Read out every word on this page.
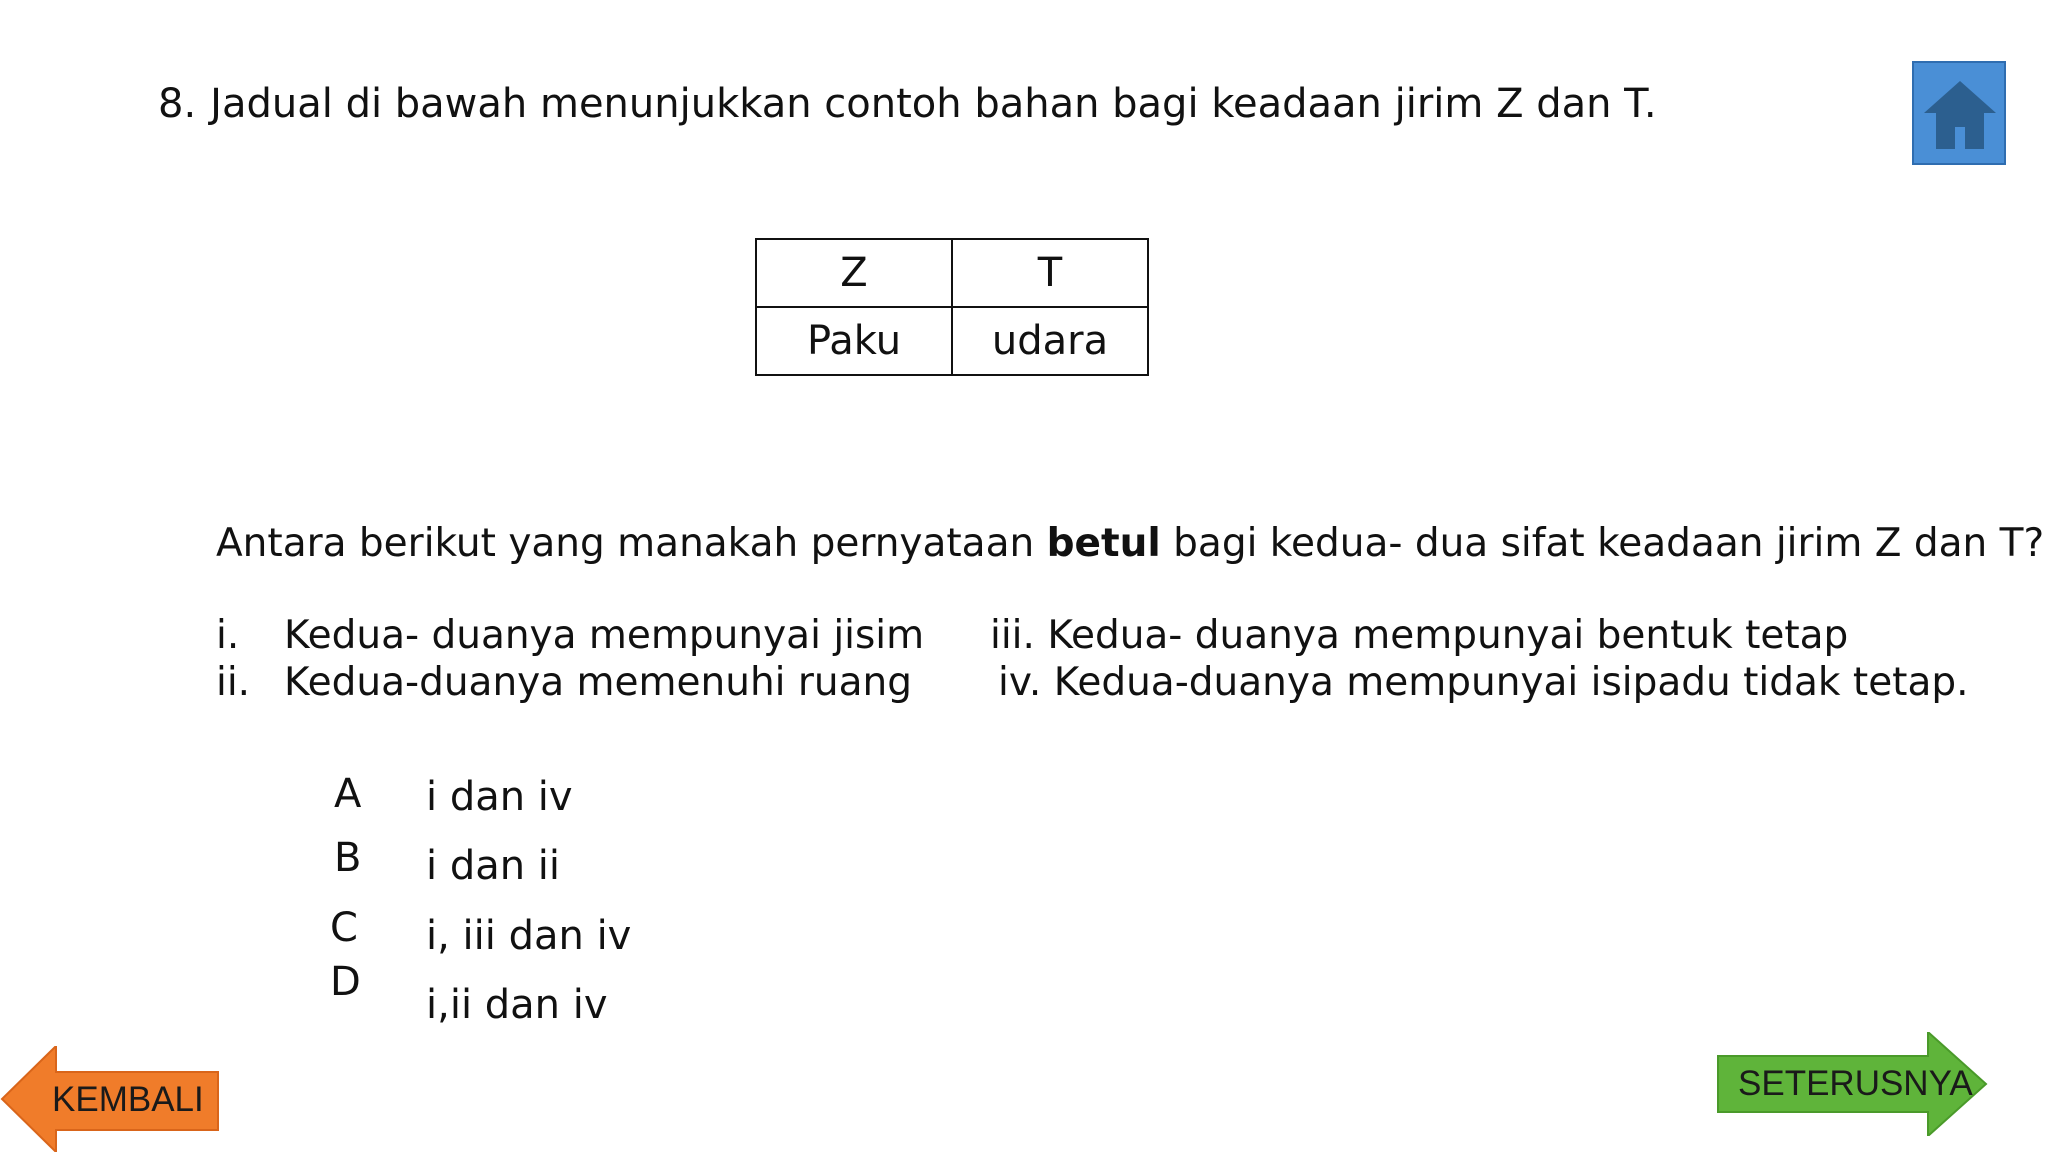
8. Jadual di bawah menunjukkan contoh bahan bagi keadaan jirim Z dan T.
Z	T
Paku	udara
Antara berikut yang manakah pernyataan betul bagi kedua- dua sifat keadaan jirim Z dan T?
i. Kedua- duanya mempunyai jisim
ii. Kedua-duanya memenuhi ruang
iii. Kedua- duanya mempunyai bentuk tetap
iv. Kedua-duanya mempunyai isipadu tidak tetap.
A i dan iv
B i dan ii
C i, iii dan iv
D i,ii dan iv
KEMBALI	SETERUSNYA
